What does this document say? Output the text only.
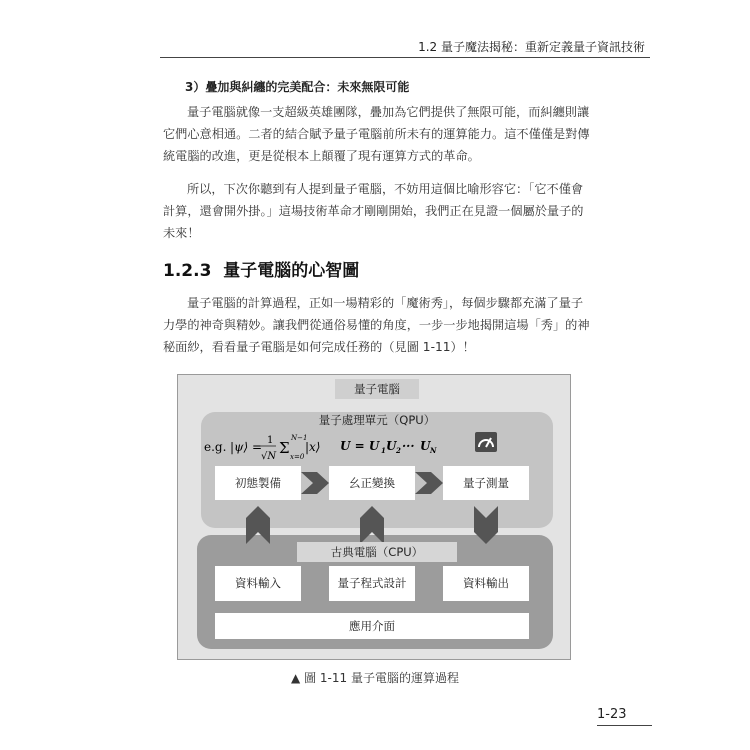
1.2 量子魔法揭秘：重新定義量子資訊技術
3）疊加與糾纏的完美配合：未來無限可能

量子電腦就像一支超級英雄團隊，疊加為它們提供了無限可能，而糾纏則讓它們心意相通。二者的結合賦予量子電腦前所未有的運算能力。這不僅僅是對傳統電腦的改進，更是從根本上顛覆了現有運算方式的革命。

所以，下次你聽到有人提到量子電腦，不妨用這個比喻形容它：「它不僅會計算，還會開外掛。」這場技術革命才剛剛開始，我們正在見證一個屬於量子的未來！

1.2.3 量子電腦的心智圖

量子電腦的計算過程，正如一場精彩的「魔術秀」，每個步驟都充滿了量子力學的神奇與精妙。讓我們從通俗易懂的角度，一步一步地揭開這場「秀」的神秘面紗，看看量子電腦是如何完成任務的（見圖 1-11）！

量子電腦
量子處理單元（QPU）
e.g. |ψ⟩ = 1
√N Σ
N−1
x=0
|x⟩ U = U 1 U 2 ··· U N
初態製備	幺正變換	量子測量
古典電腦（CPU）
資料輸入	量子程式設計	資料輸出
應用介面
▲ 圖 1-11 量子電腦的運算過程
1-23
